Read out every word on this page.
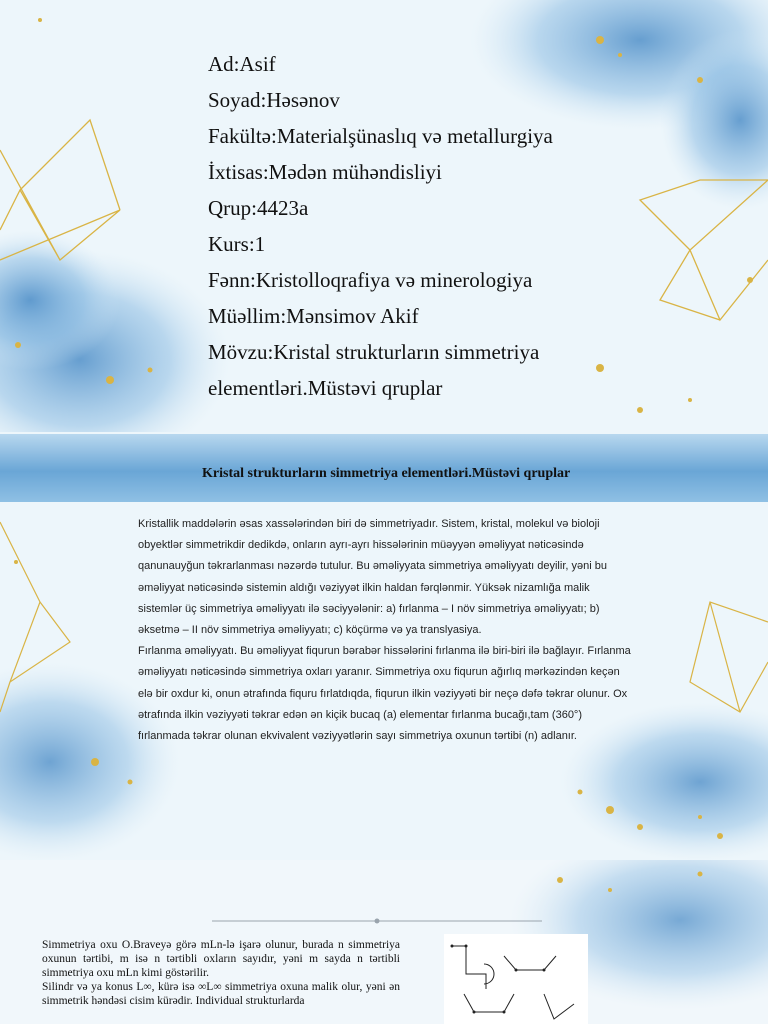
Ad:Asif
Soyad:Həsənov
Fakültə:Materialşünaslıq və metallurgiya
İxtisas:Mədən mühəndisliyi
Qrup:4423a
Kurs:1
Fənn:Kristolloqrafiya və minerologiya
Müəllim:Mənsimov Akif
Mövzu:Kristal strukturların simmetriya
elementləri.Müstəvi qruplar
Kristal strukturların simmetriya elementləri.Müstəvi qruplar

Kristallik maddələrin əsas xassələrindən biri də simmetriyadır. Sistem, kristal, molekul və bioloji obyektlər simmetrikdir dedikdə, onların ayrı-ayrı hissələrinin müəyyən əməliyyat nəticəsində qanunauyğun təkrarlanması nəzərdə tutulur. Bu əməliyyata simmetriya əməliyyatı deyilir, yəni bu əməliyyat nəticəsində sistemin aldığı vəziyyət ilkin haldan fərqlənmir. Yüksək nizamlığa malik sistemlər üç simmetriya əməliyyatı ilə səciyyələnir: a) fırlanma – I növ simmetriya əməliyyatı; b) əksetmə – II növ simmetriya əməliyyatı; c) köçürmə və ya translyasiya.

Fırlanma əməliyyatı. Bu əməliyyat fiqurun bərabər hissələrini fırlanma ilə biri-biri ilə bağlayır. Fırlanma əməliyyatı nəticəsində simmetriya oxları yaranır. Simmetriya oxu fiqurun ağırlıq mərkəzindən keçən elə bir oxdur ki, onun ətrafında fiquru fırlatdıqda, fiqurun ilkin vəziyyəti bir neçə dəfə təkrar olunur. Ox ətrafında ilkin vəziyyəti təkrar edən ən kiçik bucaq (a) elementar fırlanma bucağı,tam (360°) fırlanmada təkrar olunan ekvivalent vəziyyətlərin sayı simmetriya oxunun tərtibi (n) adlanır.

Simmetriya oxu O.Braveyə görə mLn-lə işarə olunur, burada n simmetriya oxunun tərtibi, m isə n tərtibli oxların sayıdır, yəni m sayda n tərtibli simmetriya oxu mLn kimi göstərilir.

Silindr və ya konus L∞, kürə isə ∞L∞ simmetriya oxuna malik olur, yəni ən simmetrik həndəsi cisim kürədir. Individual strukturlarda
